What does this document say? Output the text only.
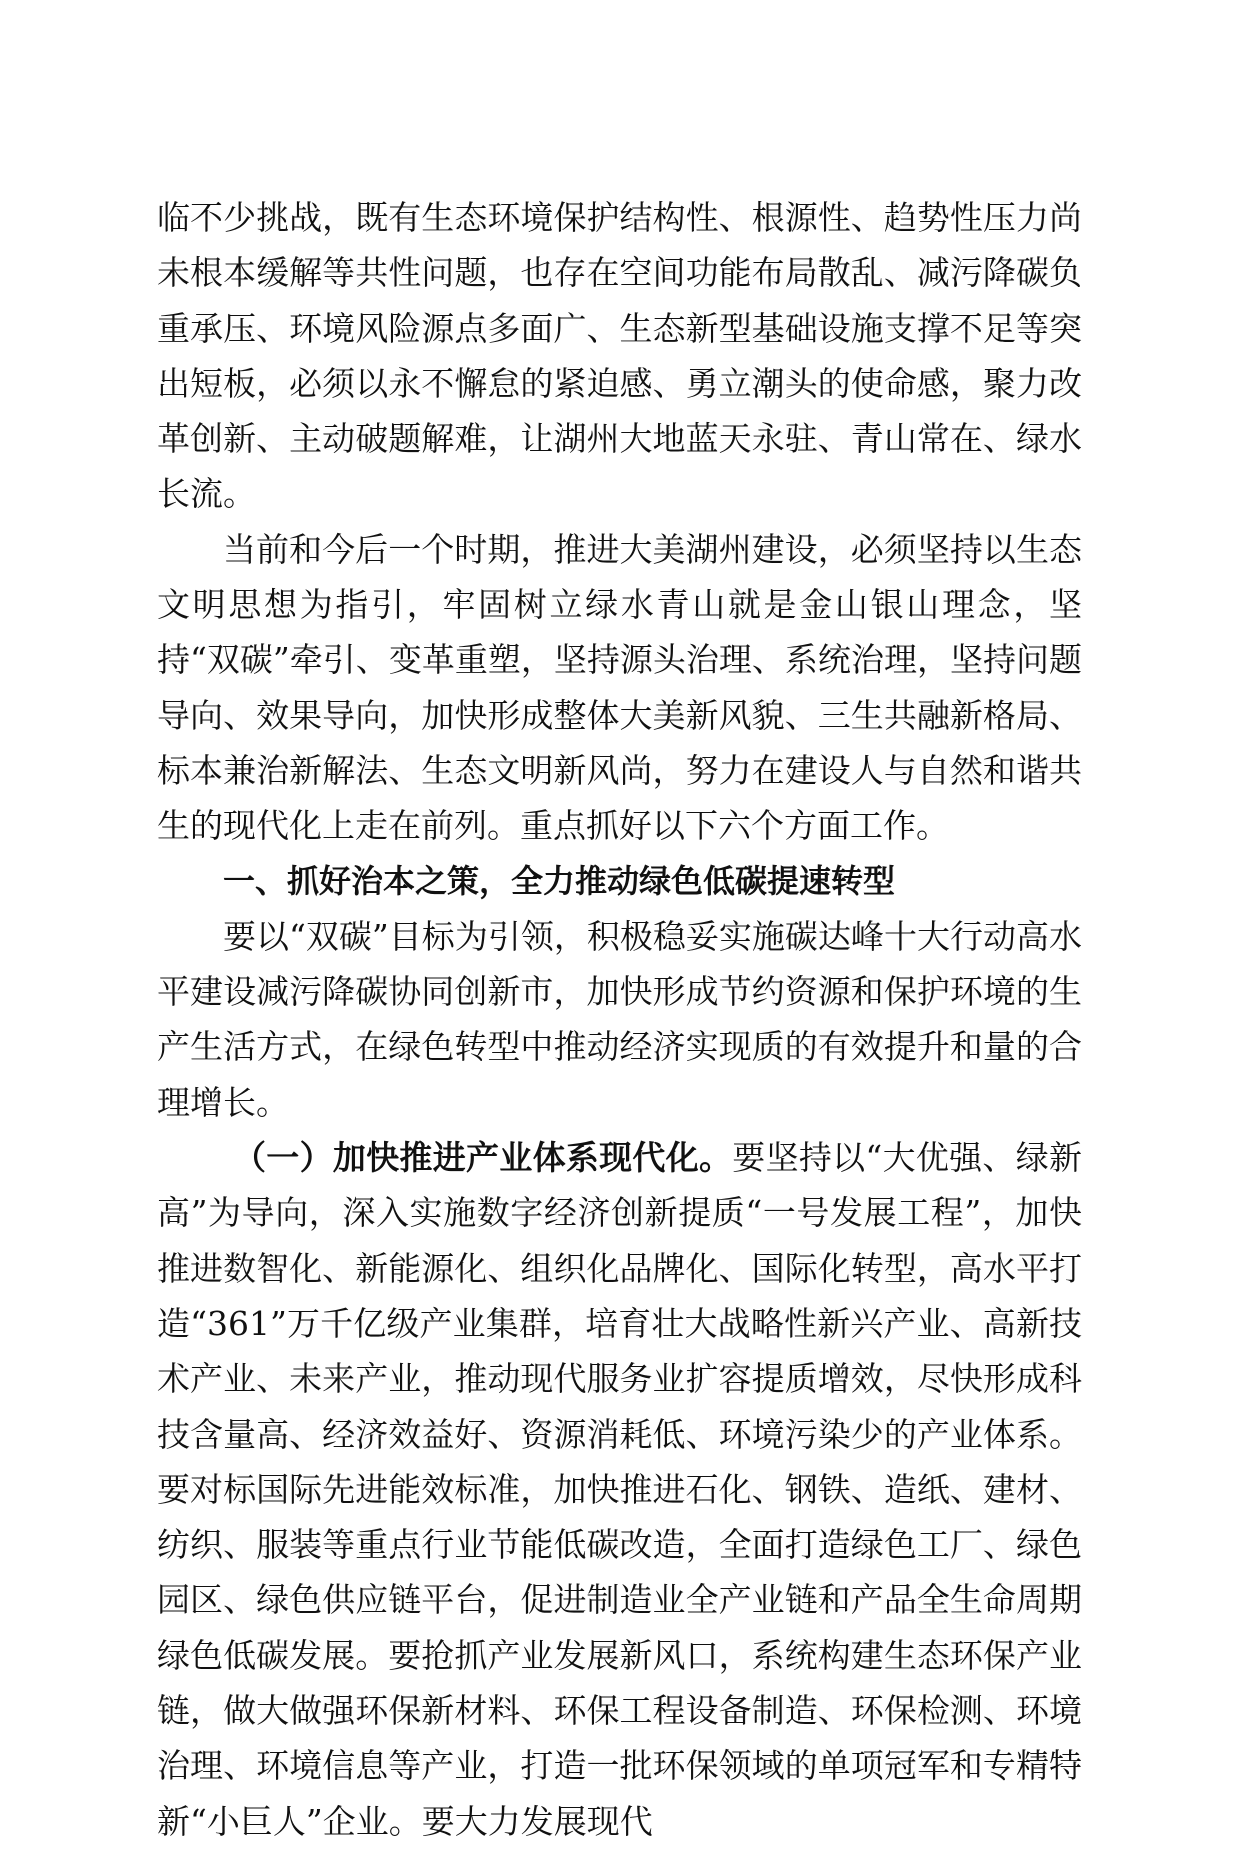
临不少挑战，既有生态环境保护结构性、根源性、趋势性压力尚未根本缓解等共性问题，也存在空间功能布局散乱、减污降碳负重承压、环境风险源点多面广、生态新型基础设施支撑不足等突出短板，必须以永不懈怠的紧迫感、勇立潮头的使命感，聚力改革创新、主动破题解难，让湖州大地蓝天永驻、青山常在、绿水长流。

当前和今后一个时期，推进大美湖州建设，必须坚持以生态文明思想为指引，牢固树立绿水青山就是金山银山理念，坚持“双碳”牵引、变革重塑，坚持源头治理、系统治理，坚持问题导向、效果导向，加快形成整体大美新风貌、三生共融新格局、标本兼治新解法、生态文明新风尚，努力在建设人与自然和谐共生的现代化上走在前列。重点抓好以下六个方面工作。

一、抓好治本之策，全力推动绿色低碳提速转型

要以“双碳”目标为引领，积极稳妥实施碳达峰十大行动高水平建设减污降碳协同创新市，加快形成节约资源和保护环境的生产生活方式，在绿色转型中推动经济实现质的有效提升和量的合理增长。

（一）加快推进产业体系现代化。要坚持以“大优强、绿新高”为导向，深入实施数字经济创新提质“一号发展工程”，加快推进数智化、新能源化、组织化品牌化、国际化转型，高水平打造“361”万千亿级产业集群，培育壮大战略性新兴产业、高新技术产业、未来产业，推动现代服务业扩容提质增效，尽快形成科技含量高、经济效益好、资源消耗低、环境污染少的产业体系。要对标国际先进能效标准，加快推进石化、钢铁、造纸、建材、纺织、服装等重点行业节能低碳改造，全面打造绿色工厂、绿色园区、绿色供应链平台，促进制造业全产业链和产品全生命周期绿色低碳发展。要抢抓产业发展新风口，系统构建生态环保产业链，做大做强环保新材料、环保工程设备制造、环保检测、环境治理、环境信息等产业，打造一批环保领域的单项冠军和专精特新“小巨人”企业。要大力发展现代
